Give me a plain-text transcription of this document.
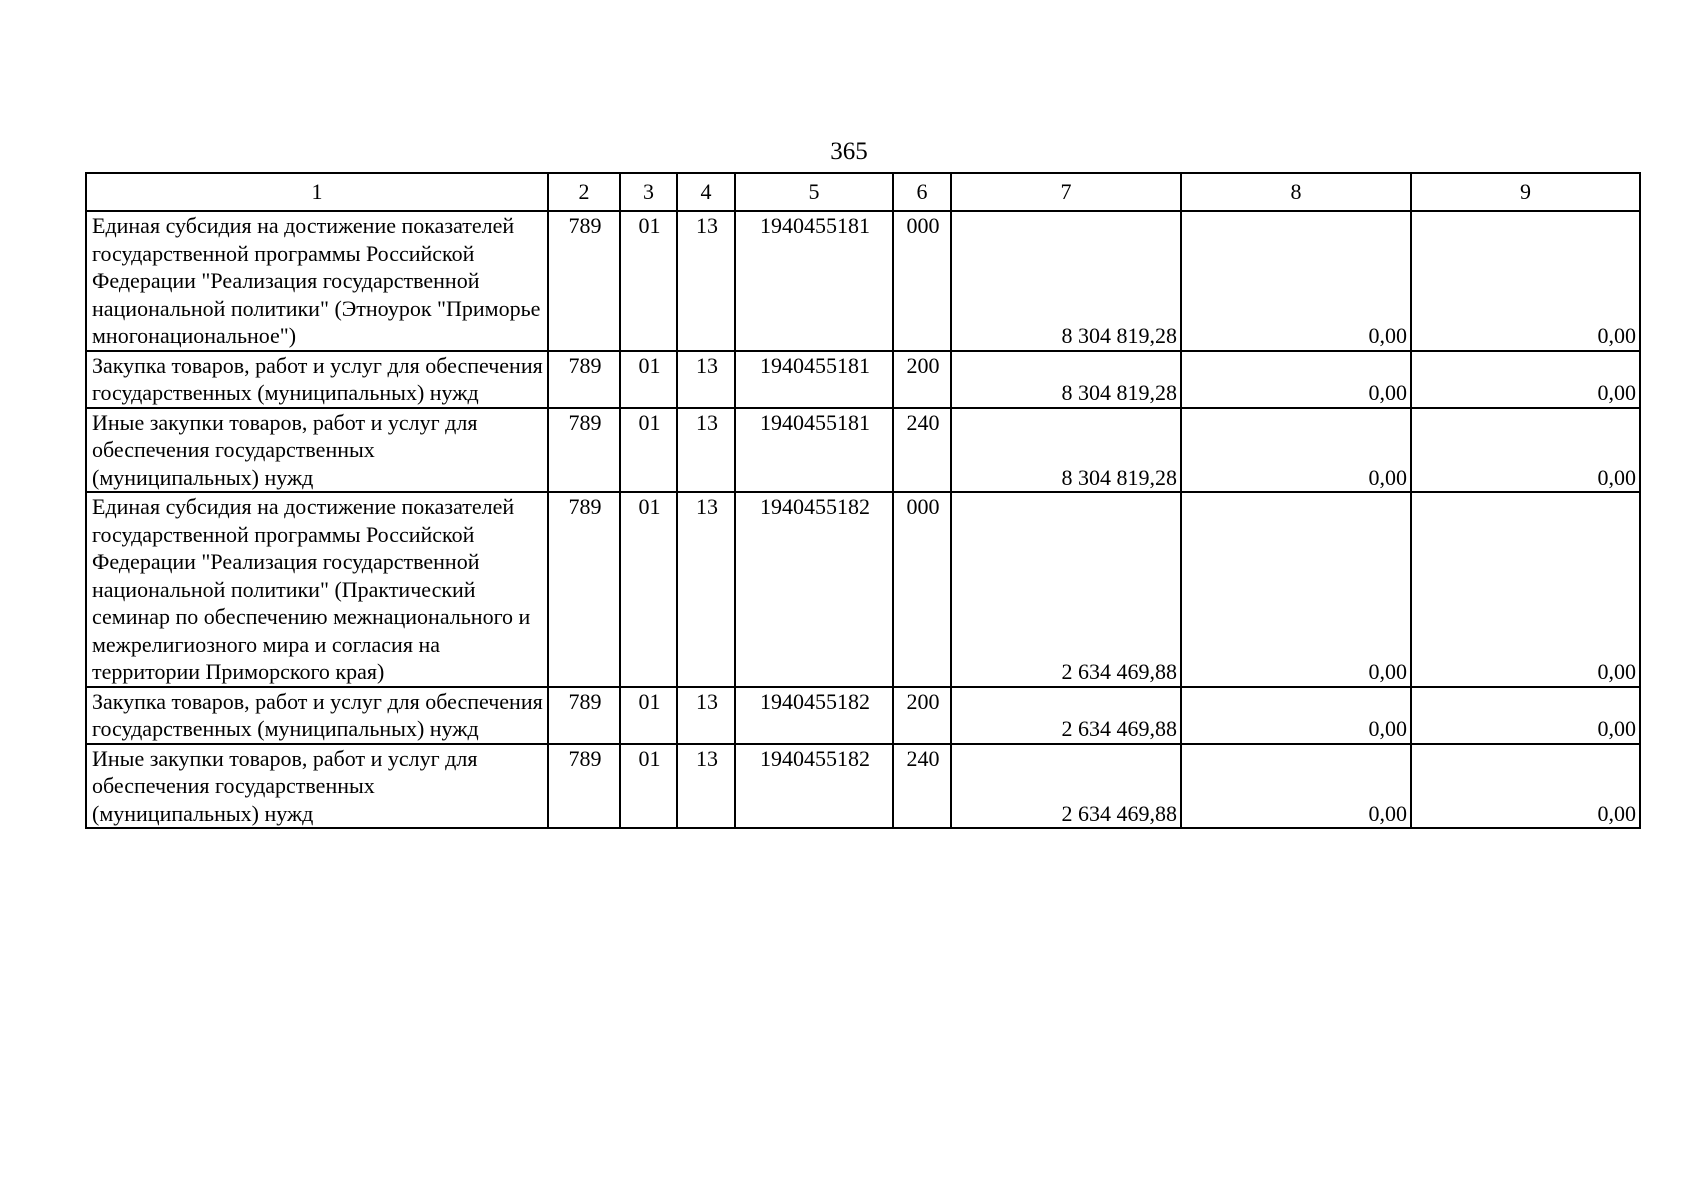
365
1	2	3	4	5	6	7	8	9
Единая субсидия на достижение показателей государственной программы Российской Федерации "Реализация государственной национальной политики" (Этноурок "Приморье многонациональное")	789	01	13	1940455181	000	8 304 819,28	0,00	0,00
Закупка товаров, работ и услуг для обеспечения государственных (муниципальных) нужд	789	01	13	1940455181	200	8 304 819,28	0,00	0,00
Иные закупки товаров, работ и услуг для обеспечения государственных (муниципальных) нужд	789	01	13	1940455181	240	8 304 819,28	0,00	0,00
Единая субсидия на достижение показателей государственной программы Российской Федерации "Реализация государственной национальной политики" (Практический семинар по обеспечению межнационального и межрелигиозного мира и согласия на территории Приморского края)	789	01	13	1940455182	000	2 634 469,88	0,00	0,00
Закупка товаров, работ и услуг для обеспечения государственных (муниципальных) нужд	789	01	13	1940455182	200	2 634 469,88	0,00	0,00
Иные закупки товаров, работ и услуг для обеспечения государственных (муниципальных) нужд	789	01	13	1940455182	240	2 634 469,88	0,00	0,00
